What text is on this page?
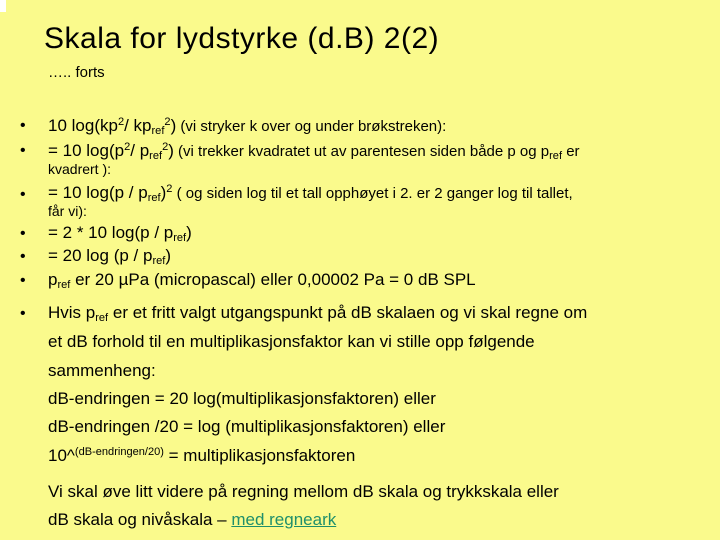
Skala for lydstyrke (d.B) 2(2)
….. forts
• 10 $\log(kp^2/$ $kp_{ref}^2$) (vi stryker k over og under brøkstreken):
• = 10 $\log(p^2/$ $p_{ref}^2$) (vi trekker kvadratet ut av parentesen siden både p og $p_{ref}$ er
kvadrert ):
• = 10 $\log(p / p_{ref})^2$ ( og siden log til et tall opphøyet i 2. er 2 ganger log til tallet,
får vi):
• = 2 * 10 $\log(p / p_{ref})$
• = 20 $\log (p / p_{ref})$
• $p_{ref}$ er 20 µPa (micropascal) eller 0,00002 Pa = 0 dB SPL
• Hvis $p_{ref}$ er et fritt valgt utgangspunkt på dB skalaen og vi skal regne om
et dB forhold til en multiplikasjonsfaktor kan vi stille opp følgende
sammenheng:
dB-endringen = 20 log(multiplikasjonsfaktoren) eller
dB-endringen /20 = log (multiplikasjonsfaktoren) eller
10^$^{(dB-endringen/20)}$ = multiplikasjonsfaktoren
Vi skal øve litt videre på regning mellom dB skala og trykkskala eller
dB skala og nivåskala – med regneark
